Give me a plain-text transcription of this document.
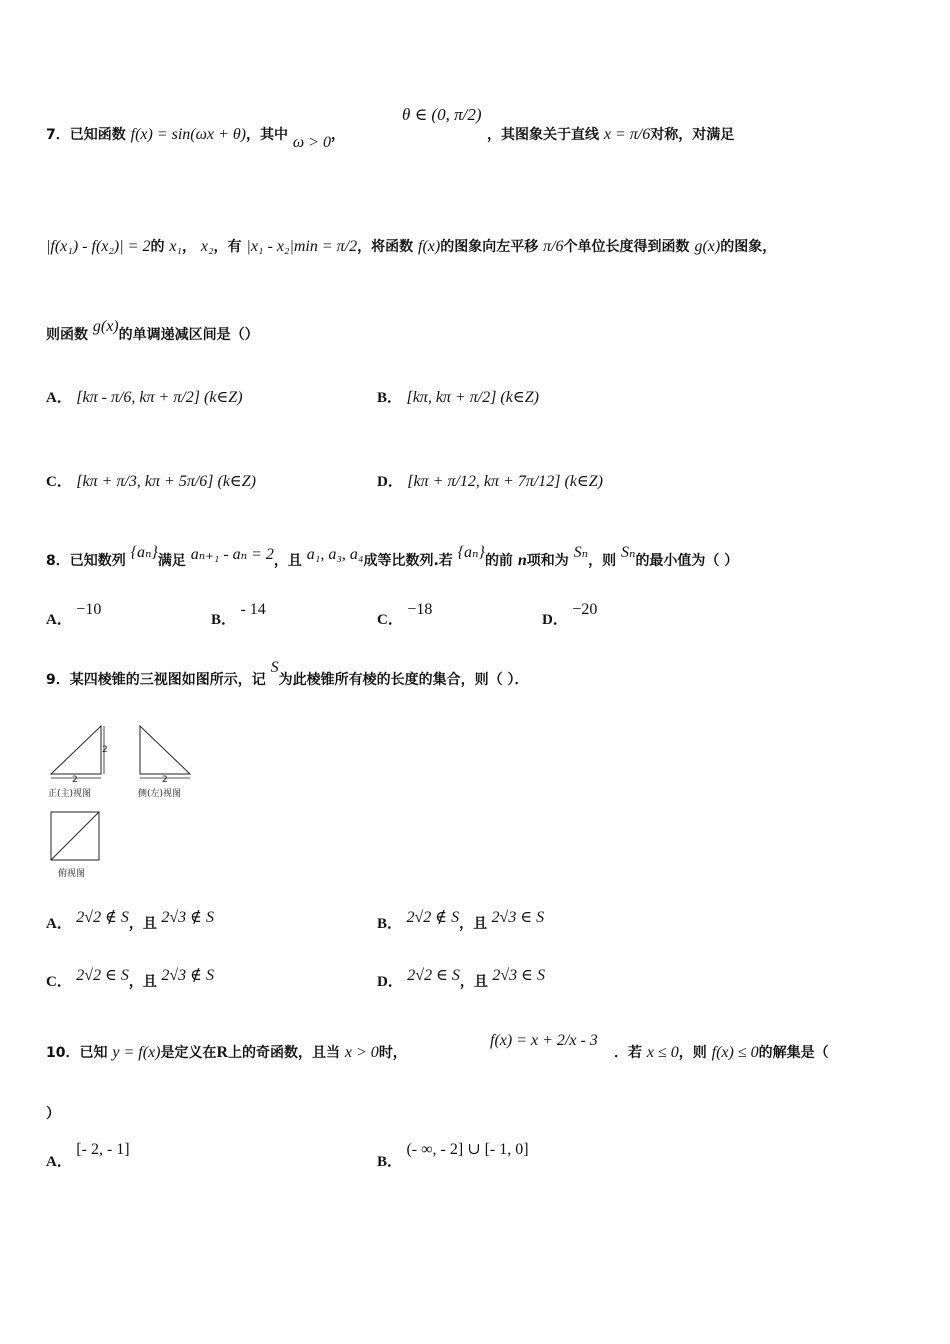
7．已知函数 f(x) = sin(ωx + θ)，其中 ω > 0，
θ ∈ (0, π/2)
，其图象关于直线 x = π/6对称，对满足
|f(x₁) - f(x₂)| = 2的 x₁， x₂，有 |x₁ - x₂|min = π/2，将函数 f(x)的图象向左平移 π/6个单位长度得到函数 g(x)的图象，
则函数 g(x)的单调递减区间是（）
A． [kπ - π/6, kπ + π/2] (k∈Z)	B． [kπ, kπ + π/2] (k∈Z)
C． [kπ + π/3, kπ + 5π/6] (k∈Z)	D． [kπ + π/12, kπ + 7π/12] (k∈Z)
8．已知数列 {aₙ}满足 aₙ₊₁ - aₙ = 2，且 a₁, a₃, a₄成等比数列.若 {aₙ}的前 n项和为 Sₙ，则 Sₙ的最小值为（ ）
A． −10
B． - 14
C． −18
D． −20
9．某四棱锥的三视图如图所示，记 S为此棱锥所有棱的长度的集合，则（ ）．
2
2
正(主)视图
2
侧(左)视图
俯视图
A． 2√2 ∉ S，且 2√3 ∉ S	B． 2√2 ∉ S，且 2√3 ∈ S
C． 2√2 ∈ S，且 2√3 ∉ S	D． 2√2 ∈ S，且 2√3 ∈ S
10．已知 y = f(x)是定义在R上的奇函数，且当 x > 0时，
f(x) = x + 2/x - 3
．若 x ≤ 0，则 f(x) ≤ 0的解集是（
）
A． [- 2, - 1]
B． (- ∞, - 2] ∪ [- 1, 0]
